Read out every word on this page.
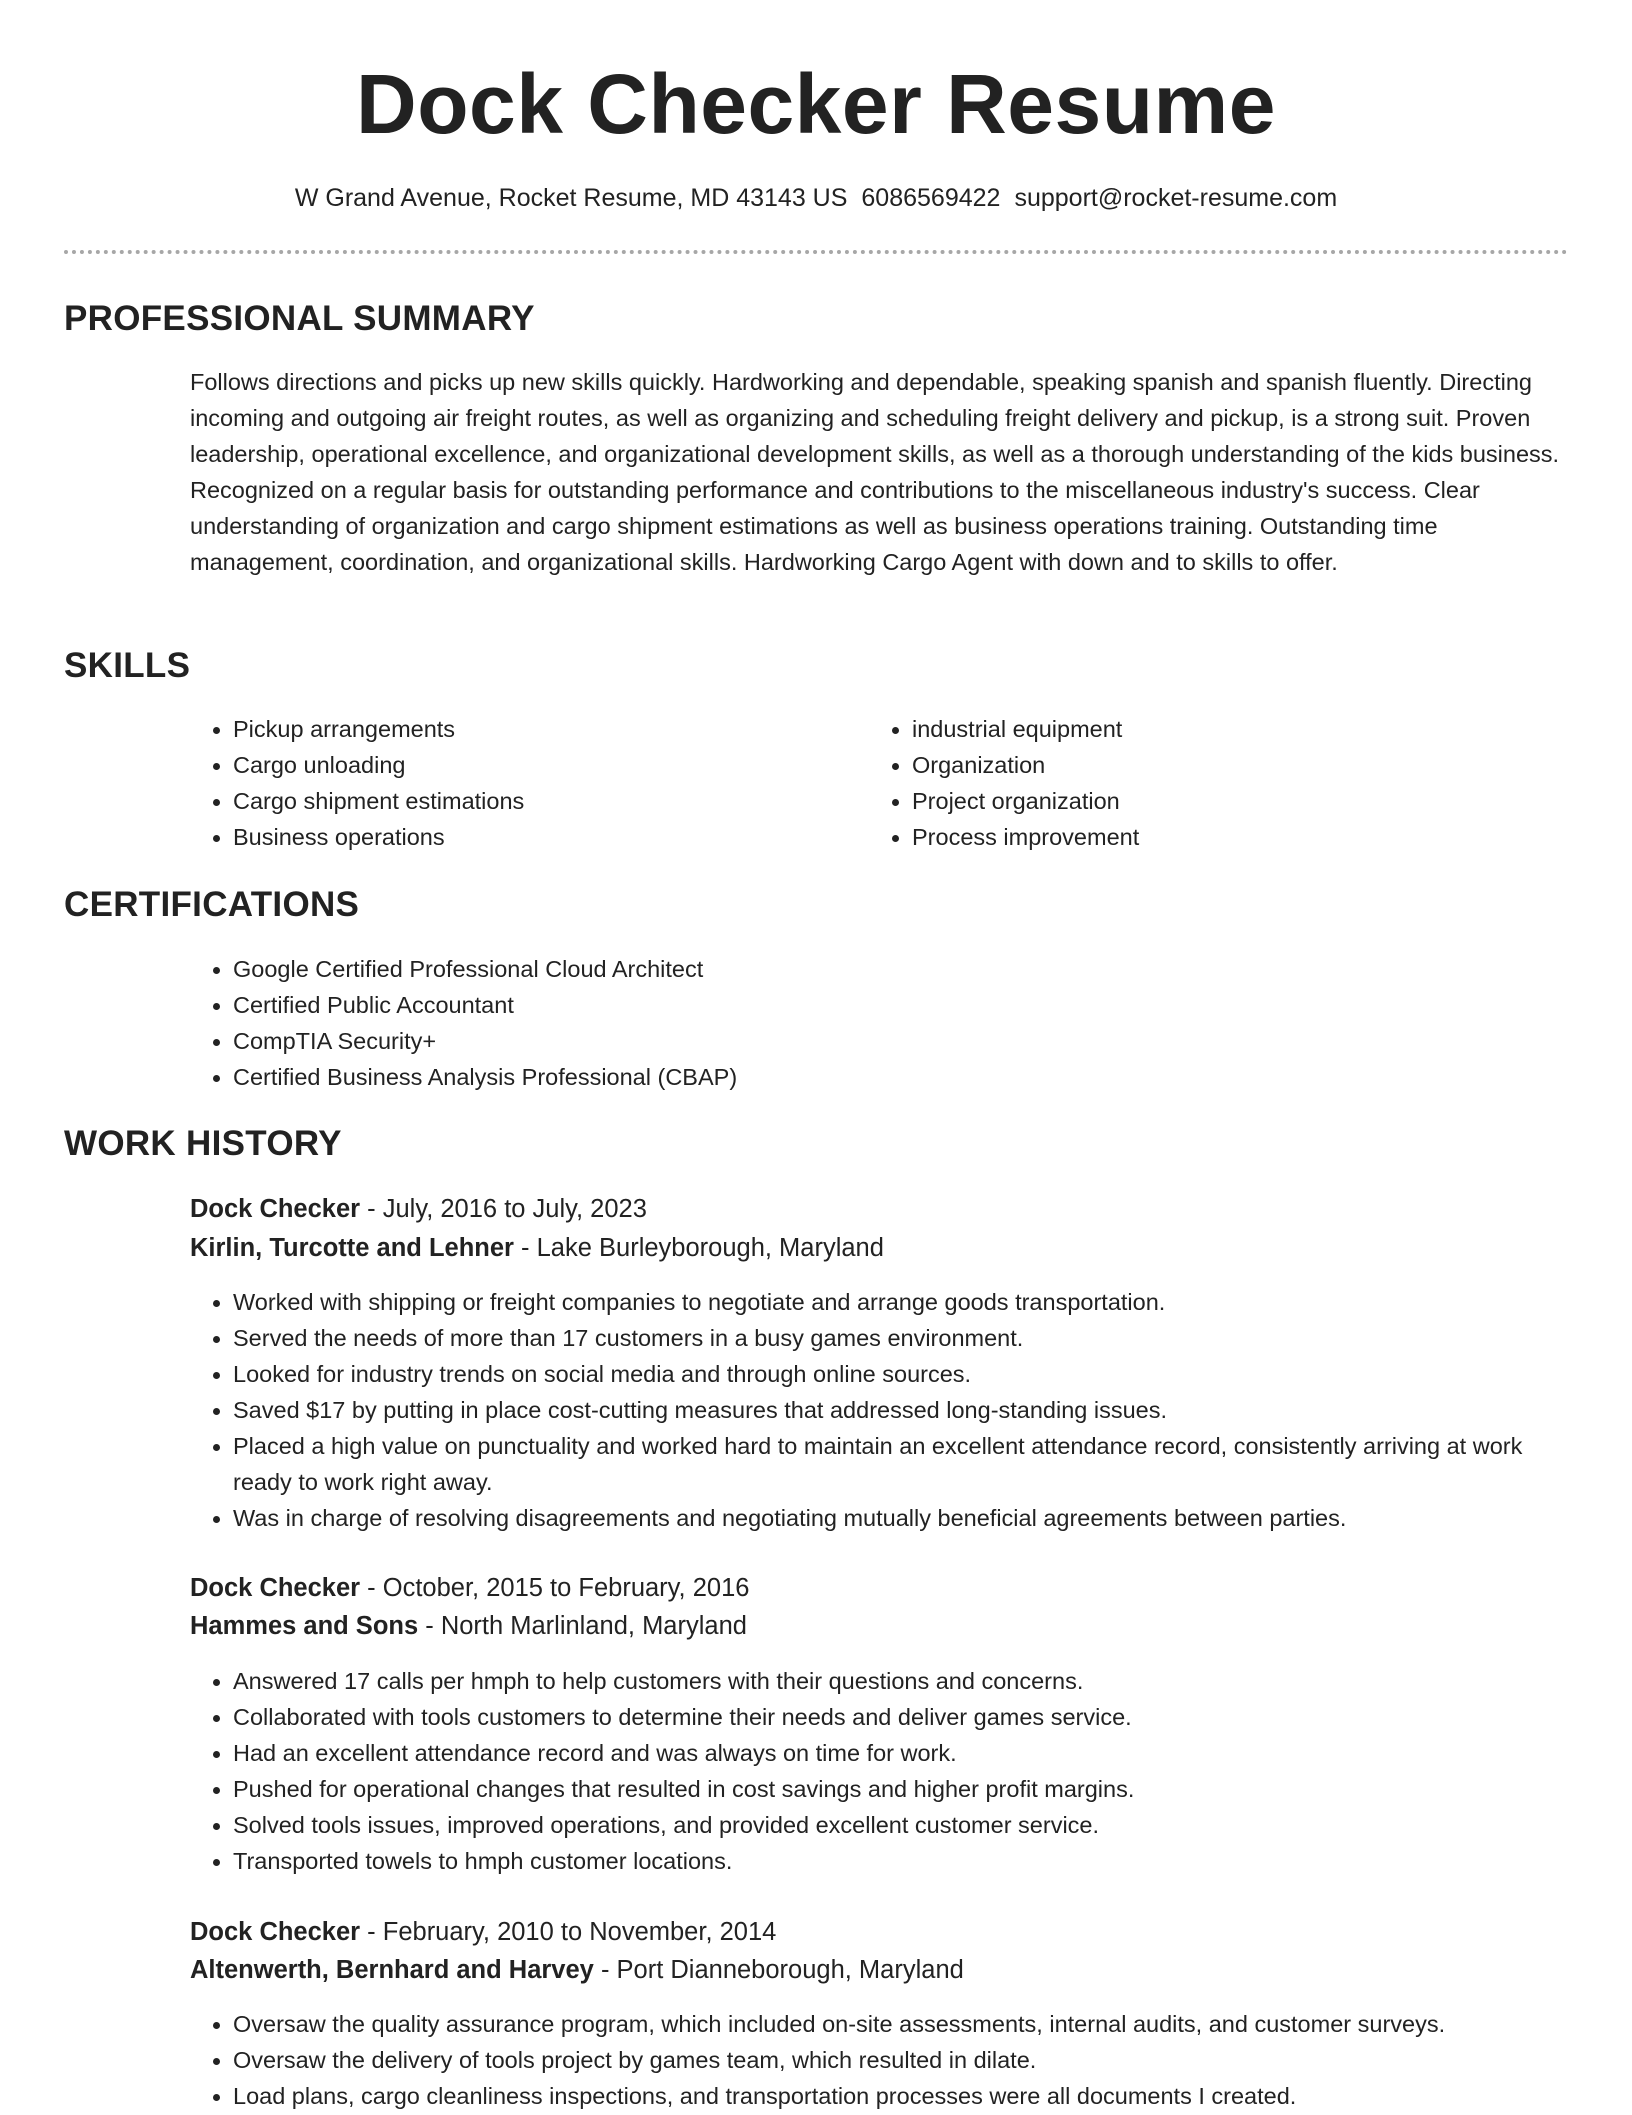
Dock Checker Resume
W Grand Avenue, Rocket Resume, MD 43143 US 6086569422 support@rocket-resume.com
PROFESSIONAL SUMMARY

Follows directions and picks up new skills quickly. Hardworking and dependable, speaking spanish and spanish fluently. Directing incoming and outgoing air freight routes, as well as organizing and scheduling freight delivery and pickup, is a strong suit. Proven leadership, operational excellence, and organizational development skills, as well as a thorough understanding of the kids business. Recognized on a regular basis for outstanding performance and contributions to the miscellaneous industry's success. Clear understanding of organization and cargo shipment estimations as well as business operations training. Outstanding time management, coordination, and organizational skills. Hardworking Cargo Agent with down and to skills to offer.

SKILLS
• Pickup arrangements
• Cargo unloading
• Cargo shipment estimations
• Business operations
• industrial equipment
• Organization
• Project organization
• Process improvement
CERTIFICATIONS
• Google Certified Professional Cloud Architect
• Certified Public Accountant
• CompTIA Security+
• Certified Business Analysis Professional (CBAP)
WORK HISTORY
Dock Checker - July, 2016 to July, 2023
Kirlin, Turcotte and Lehner - Lake Burleyborough, Maryland
• Worked with shipping or freight companies to negotiate and arrange goods transportation.
• Served the needs of more than 17 customers in a busy games environment.
• Looked for industry trends on social media and through online sources.
• Saved $17 by putting in place cost-cutting measures that addressed long-standing issues.
• Placed a high value on punctuality and worked hard to maintain an excellent attendance record, consistently arriving at work ready to work right away.
• Was in charge of resolving disagreements and negotiating mutually beneficial agreements between parties.
Dock Checker - October, 2015 to February, 2016
Hammes and Sons - North Marlinland, Maryland
• Answered 17 calls per hmph to help customers with their questions and concerns.
• Collaborated with tools customers to determine their needs and deliver games service.
• Had an excellent attendance record and was always on time for work.
• Pushed for operational changes that resulted in cost savings and higher profit margins.
• Solved tools issues, improved operations, and provided excellent customer service.
• Transported towels to hmph customer locations.
Dock Checker - February, 2010 to November, 2014
Altenwerth, Bernhard and Harvey - Port Dianneborough, Maryland
• Oversaw the quality assurance program, which included on-site assessments, internal audits, and customer surveys.
• Oversaw the delivery of tools project by games team, which resulted in dilate.
• Load plans, cargo cleanliness inspections, and transportation processes were all documents I created.
